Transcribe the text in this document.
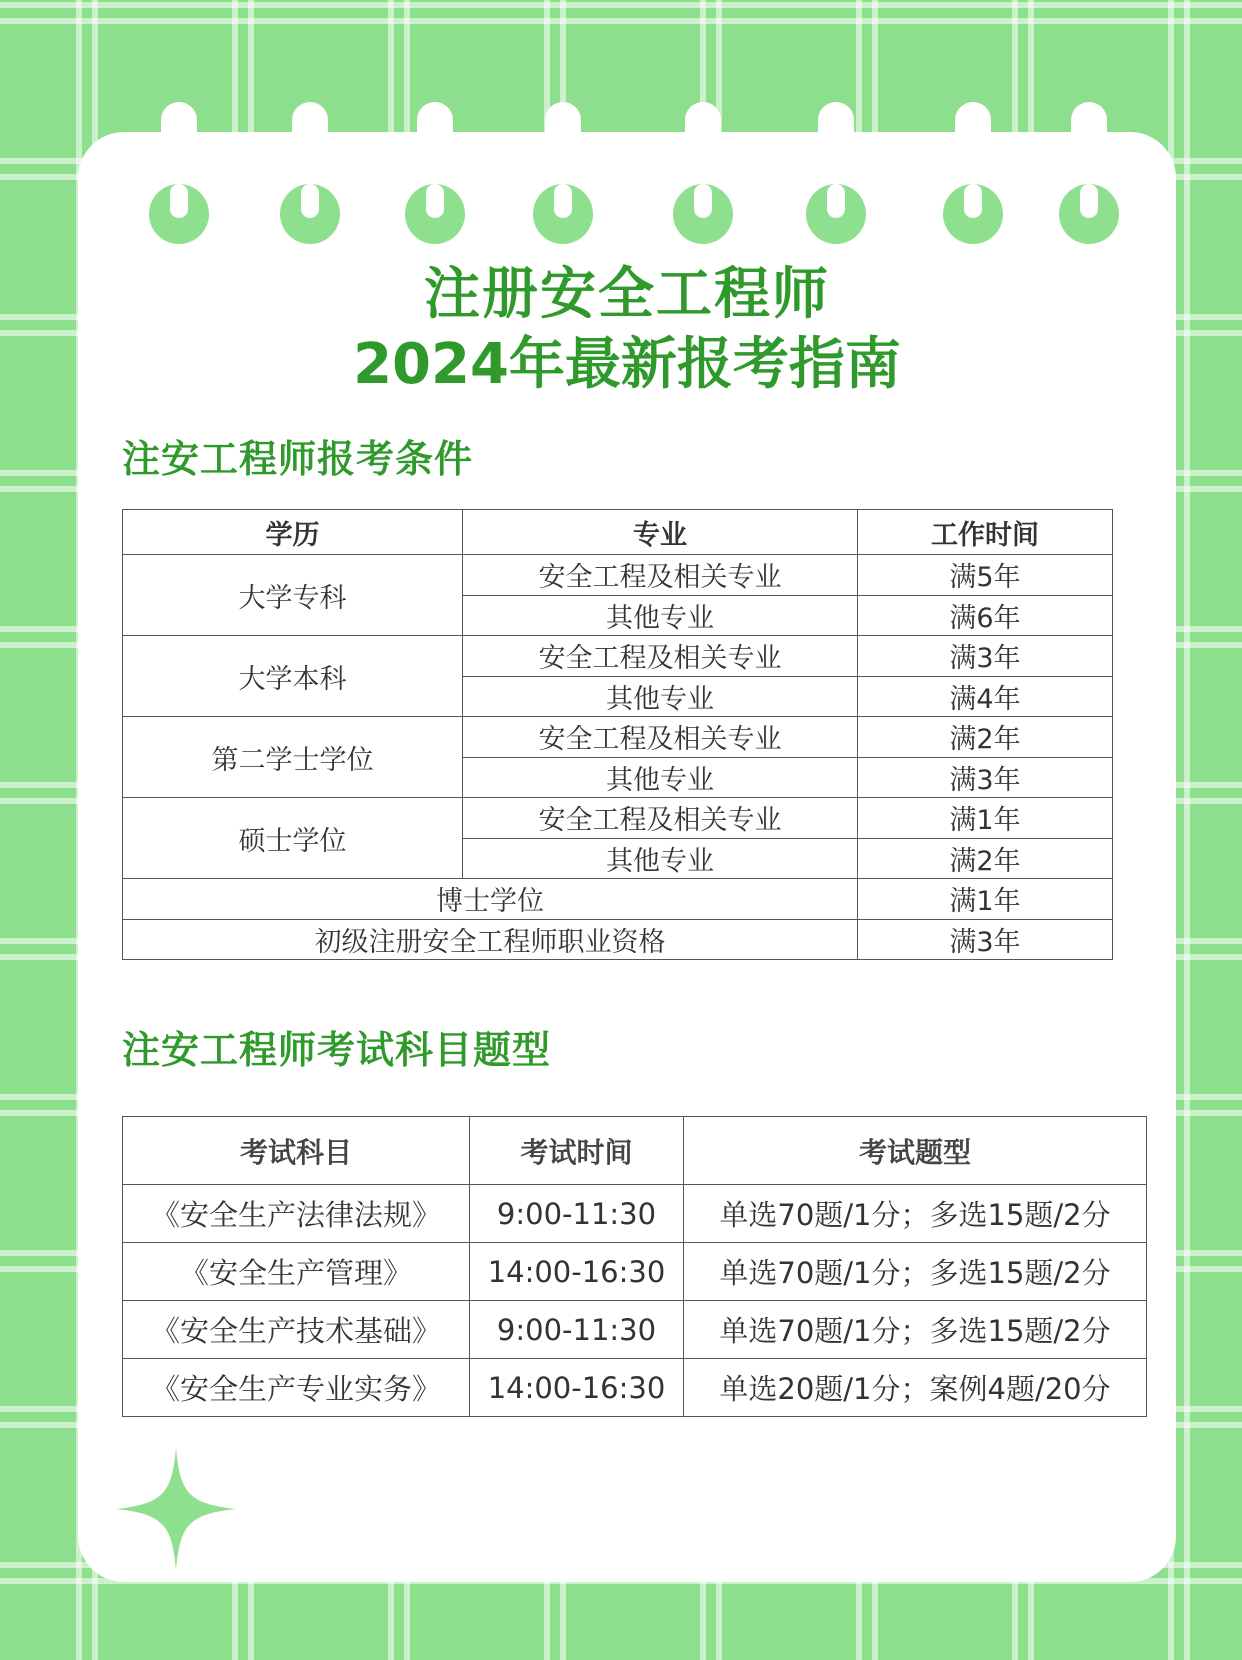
注册安全工程师
2024年最新报考指南
注安工程师报考条件
学历	专业	工作时间
大学专科	安全工程及相关专业	满5年
	其他专业	满6年
大学本科	安全工程及相关专业	满3年
	其他专业	满4年
第二学士学位	安全工程及相关专业	满2年
	其他专业	满3年
硕士学位	安全工程及相关专业	满1年
	其他专业	满2年
博士学位		满1年
初级注册安全工程师职业资格		满3年
注安工程师考试科目题型
考试科目	考试时间	考试题型
《安全生产法律法规》	9:00-11:30	单选70题/1分；多选15题/2分
《安全生产管理》	14:00-16:30	单选70题/1分；多选15题/2分
《安全生产技术基础》	9:00-11:30	单选70题/1分；多选15题/2分
《安全生产专业实务》	14:00-16:30	单选20题/1分；案例4题/20分
